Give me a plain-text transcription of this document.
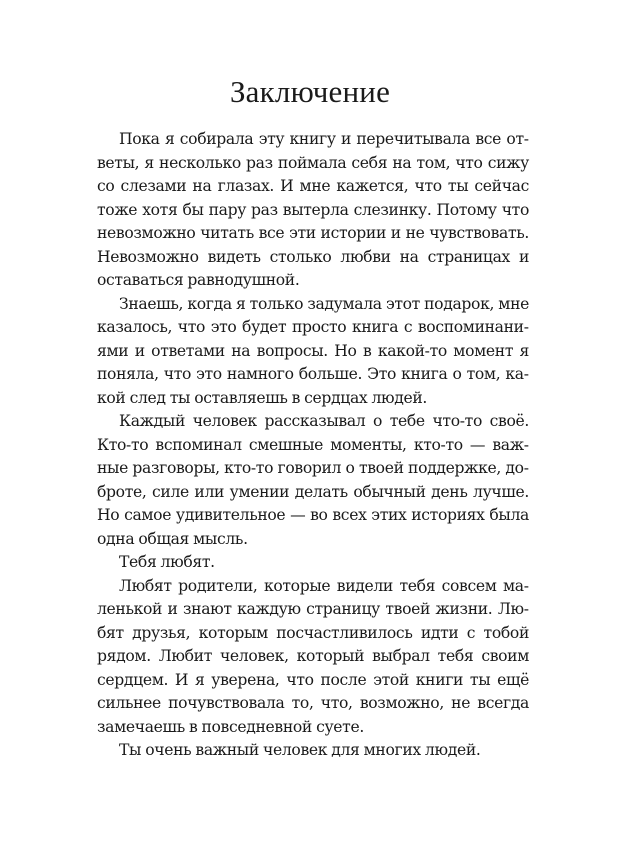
Заключение

Пока я собирала эту книгу и перечитывала все ответы, я несколько раз поймала себя на том, что сижу со слезами на глазах. И мне кажется, что ты сейчас тоже хотя бы пару раз вытерла слезинку. Потому что невозможно читать все эти истории и не чувствовать. Невозможно видеть столько любви на страницах и оставаться равнодушной.

Знаешь, когда я только задумала этот подарок, мне казалось, что это будет просто книга с воспоминаниями и ответами на вопросы. Но в какой-то момент я поняла, что это намного больше. Это книга о том, какой след ты оставляешь в сердцах людей.

Каждый человек рассказывал о тебе что-то своё. Кто-то вспоминал смешные моменты, кто-то — важные разговоры, кто-то говорил о твоей поддержке, доброте, силе или умении делать обычный день лучше. Но самое удивительное — во всех этих историях была одна общая мысль.

Тебя любят.

Любят родители, которые видели тебя совсем маленькой и знают каждую страницу твоей жизни. Любят друзья, которым посчастливилось идти с тобой рядом. Любит человек, который выбрал тебя своим сердцем. И я уверена, что после этой книги ты ещё сильнее почувствовала то, что, возможно, не всегда замечаешь в повседневной суете.

Ты очень важный человек для многих людей.
